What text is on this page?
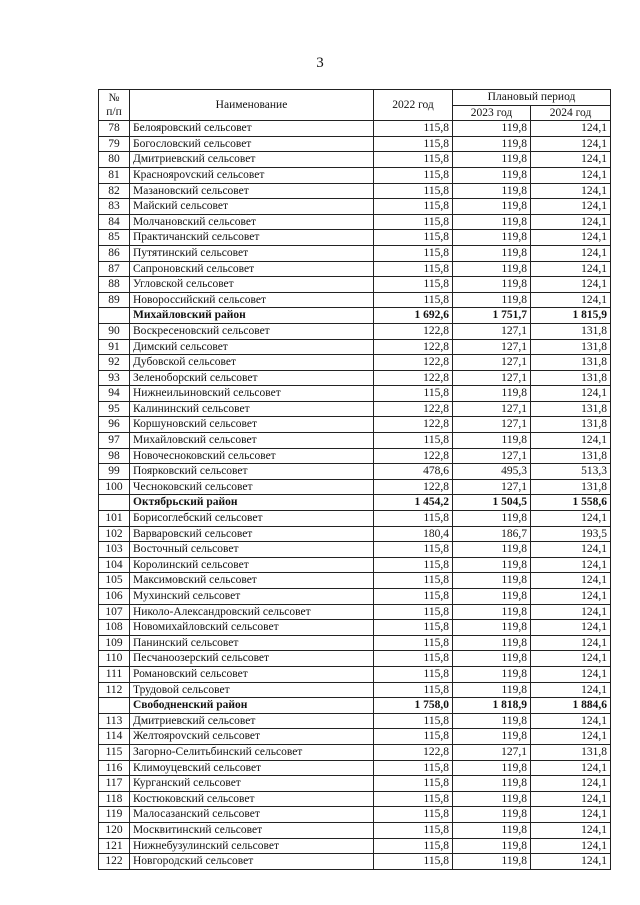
3
№
п/п	Наименование	2022 год	Плановый период	
			2023 год	2024 год
78	Белояровский сельсовет	115,8	119,8	124,1
79	Богословский сельсовет	115,8	119,8	124,1
80	Дмитриевский сельсовет	115,8	119,8	124,1
81	Красноярovский сельсовет	115,8	119,8	124,1
82	Мазановский сельсовет	115,8	119,8	124,1
83	Майский сельсовет	115,8	119,8	124,1
84	Молчановский сельсовет	115,8	119,8	124,1
85	Практичанский сельсовет	115,8	119,8	124,1
86	Путятинский сельсовет	115,8	119,8	124,1
87	Сапроновский сельсовет	115,8	119,8	124,1
88	Угловской сельсовет	115,8	119,8	124,1
89	Новороссийский сельсовет	115,8	119,8	124,1
	Михайловский район	1 692,6	1 751,7	1 815,9
90	Воскресеновский сельсовет	122,8	127,1	131,8
91	Димский сельсовет	122,8	127,1	131,8
92	Дубовской сельсовет	122,8	127,1	131,8
93	Зеленоборский сельсовет	122,8	127,1	131,8
94	Нижнеильиновский сельсовет	115,8	119,8	124,1
95	Калининский сельсовет	122,8	127,1	131,8
96	Коршуновский сельсовет	122,8	127,1	131,8
97	Михайловский сельсовет	115,8	119,8	124,1
98	Новочесноковский сельсовет	122,8	127,1	131,8
99	Поярковский сельсовет	478,6	495,3	513,3
100	Чесноковский сельсовет	122,8	127,1	131,8
	Октябрьский район	1 454,2	1 504,5	1 558,6
101	Борисоглебский сельсовет	115,8	119,8	124,1
102	Варваровский сельсовет	180,4	186,7	193,5
103	Восточный сельсовет	115,8	119,8	124,1
104	Королинский сельсовет	115,8	119,8	124,1
105	Максимовский сельсовет	115,8	119,8	124,1
106	Мухинский сельсовет	115,8	119,8	124,1
107	Николо-Александровский сельсовет	115,8	119,8	124,1
108	Новомихайловский сельсовет	115,8	119,8	124,1
109	Панинский сельсовет	115,8	119,8	124,1
110	Песчаноозерский сельсовет	115,8	119,8	124,1
111	Романовский сельсовет	115,8	119,8	124,1
112	Трудовой сельсовет	115,8	119,8	124,1
	Свободненский район	1 758,0	1 818,9	1 884,6
113	Дмитриевский сельсовет	115,8	119,8	124,1
114	Желтоярovский сельсовет	115,8	119,8	124,1
115	Загорно-Селитьбинский сельсовет	122,8	127,1	131,8
116	Климоуцевский сельсовет	115,8	119,8	124,1
117	Курганский сельсовет	115,8	119,8	124,1
118	Костюковский сельсовет	115,8	119,8	124,1
119	Малосазанский сельсовет	115,8	119,8	124,1
120	Москвитинский сельсовет	115,8	119,8	124,1
121	Нижнебузулинский сельсовет	115,8	119,8	124,1
122	Новгородский сельсовет	115,8	119,8	124,1
